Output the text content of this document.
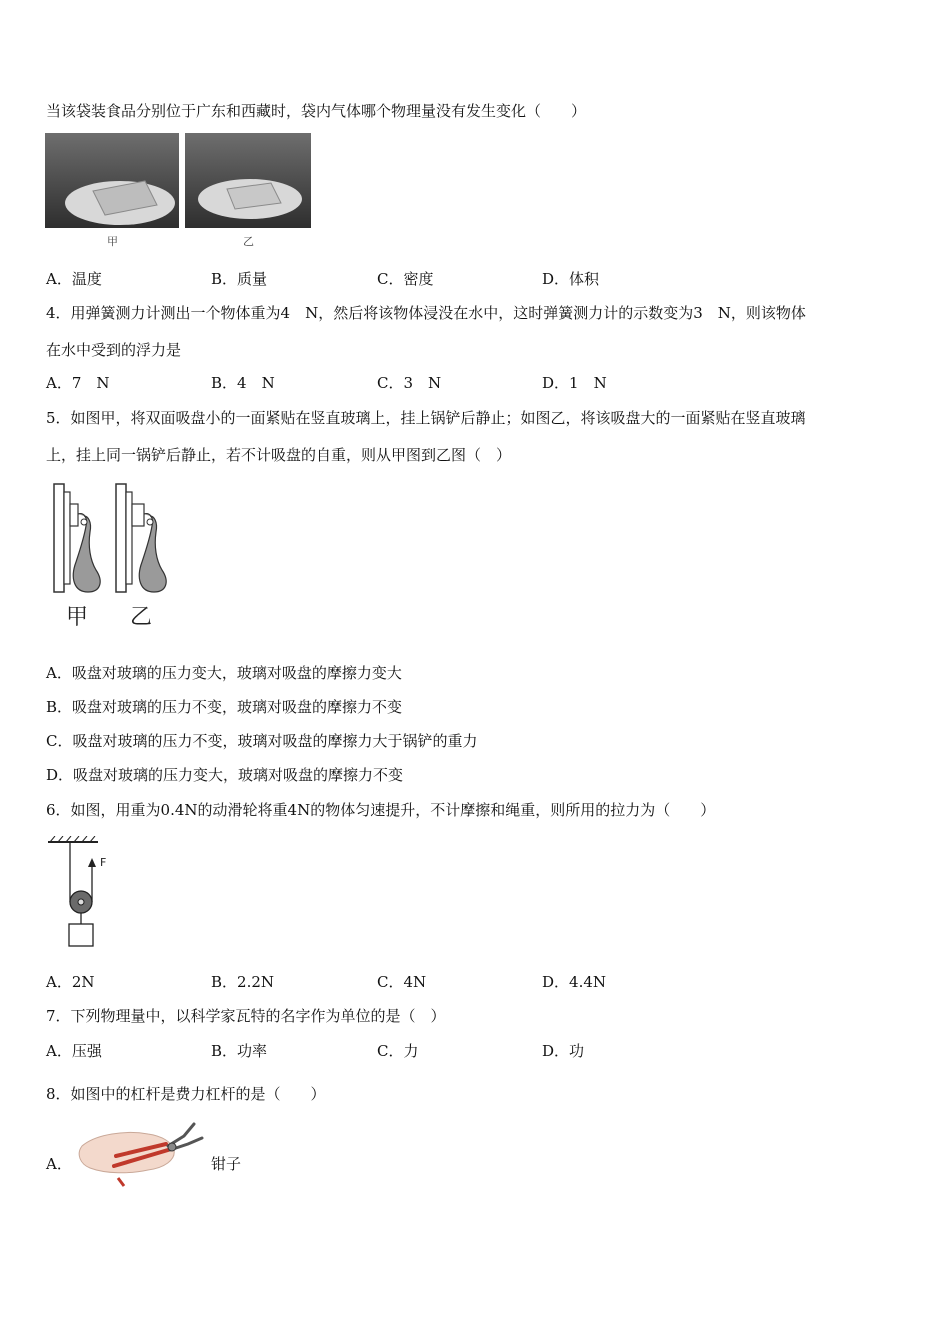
当该袋装食品分别位于广东和西藏时，袋内气体哪个物理量没有发生变化（　　）
甲	乙
A．温度	B．质量	C．密度	D．体积
4．用弹簧测力计测出一个物体重为4　N，然后将该物体浸没在水中，这时弹簧测力计的示数变为3　N，则该物体
在水中受到的浮力是
A．7　N	B．4　N	C．3　N	D．1　N
5．如图甲，将双面吸盘小的一面紧贴在竖直玻璃上，挂上锅铲后静止；如图乙，将该吸盘大的一面紧贴在竖直玻璃
上，挂上同一锅铲后静止，若不计吸盘的自重，则从甲图到乙图（　）
甲 乙
A．吸盘对玻璃的压力变大，玻璃对吸盘的摩擦力变大
B．吸盘对玻璃的压力不变，玻璃对吸盘的摩擦力不变
C．吸盘对玻璃的压力不变，玻璃对吸盘的摩擦力大于锅铲的重力
D．吸盘对玻璃的压力变大，玻璃对吸盘的摩擦力不变
6．如图，用重为0.4N的动滑轮将重4N的物体匀速提升，不计摩擦和绳重，则所用的拉力为（　　）
F
A．2N	B．2.2N	C．4N	D．4.4N
7．下列物理量中，以科学家瓦特的名字作为单位的是（　）
A．压强	B．功率	C．力	D．功
8．如图中的杠杆是费力杠杆的是（　　）
A．	钳子
